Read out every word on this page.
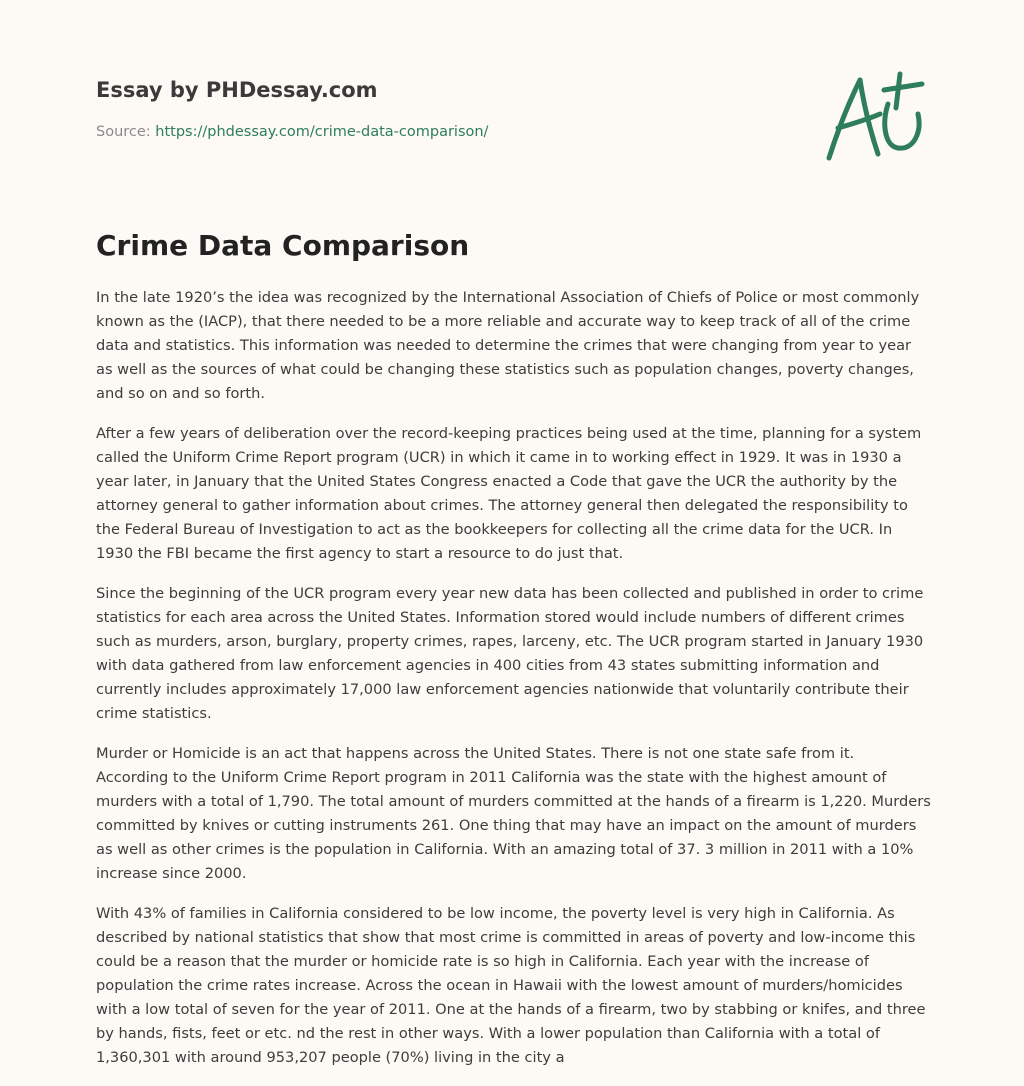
Essay by PHDessay.com

Source: https://phdessay.com/crime-data-comparison/
Crime Data Comparison

In the late 1920’s the idea was recognized by the International Association of Chiefs of Police or most commonly known as the (IACP), that there needed to be a more reliable and accurate way to keep track of all of the crime data and statistics. This information was needed to determine the crimes that were changing from year to year as well as the sources of what could be changing these statistics such as population changes, poverty changes, and so on and so forth.

After a few years of deliberation over the record-keeping practices being used at the time, planning for a system called the Uniform Crime Report program (UCR) in which it came in to working effect in 1929. It was in 1930 a year later, in January that the United States Congress enacted a Code that gave the UCR the authority by the attorney general to gather information about crimes. The attorney general then delegated the responsibility to the Federal Bureau of Investigation to act as the bookkeepers for collecting all the crime data for the UCR. In 1930 the FBI became the first agency to start a resource to do just that.

Since the beginning of the UCR program every year new data has been collected and published in order to crime statistics for each area across the United States. Information stored would include numbers of different crimes such as murders, arson, burglary, property crimes, rapes, larceny, etc. The UCR program started in January 1930 with data gathered from law enforcement agencies in 400 cities from 43 states submitting information and currently includes approximately 17,000 law enforcement agencies nationwide that voluntarily contribute their crime statistics.

Murder or Homicide is an act that happens across the United States. There is not one state safe from it. According to the Uniform Crime Report program in 2011 California was the state with the highest amount of murders with a total of 1,790. The total amount of murders committed at the hands of a firearm is 1,220. Murders committed by knives or cutting instruments 261. One thing that may have an impact on the amount of murders as well as other crimes is the population in California. With an amazing total of 37. 3 million in 2011 with a 10% increase since 2000.

With 43% of families in California considered to be low income, the poverty level is very high in California. As described by national statistics that show that most crime is committed in areas of poverty and low-income this could be a reason that the murder or homicide rate is so high in California. Each year with the increase of population the crime rates increase. Across the ocean in Hawaii with the lowest amount of murders/homicides with a low total of seven for the year of 2011. One at the hands of a firearm, two by stabbing or knifes, and three by hands, fists, feet or etc. nd the rest in other ways. With a lower population than California with a total of 1,360,301 with around 953,207 people (70%) living in the city a
